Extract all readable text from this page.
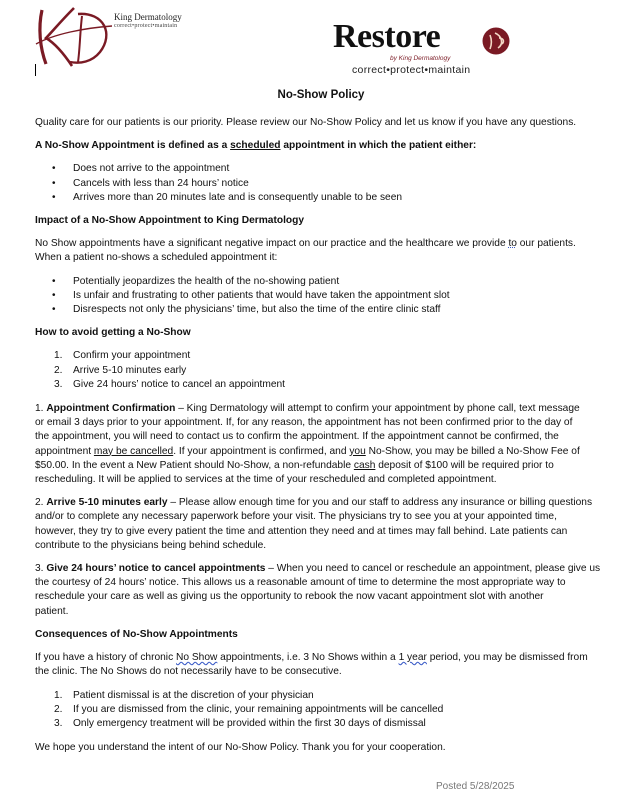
King Dermatology
correct•protect•maintain	Restore
by King Dermatology
correct•protect•maintain
No-Show Policy

Quality care for our patients is our priority. Please review our No-Show Policy and let us know if you have any questions.

A No-Show Appointment is defined as a scheduled appointment in which the patient either:

• Does not arrive to the appointment
• Cancels with less than 24 hours’ notice
• Arrives more than 20 minutes late and is consequently unable to be seen

Impact of a No-Show Appointment to King Dermatology

No Show appointments have a significant negative impact on our practice and the healthcare we provide to our patients.
When a patient no-shows a scheduled appointment it:

• Potentially jeopardizes the health of the no-showing patient
• Is unfair and frustrating to other patients that would have taken the appointment slot
• Disrespects not only the physicians’ time, but also the time of the entire clinic staff

How to avoid getting a No-Show

1. Confirm your appointment
2. Arrive 5-10 minutes early
3. Give 24 hours’ notice to cancel an appointment

1. Appointment Confirmation – King Dermatology will attempt to confirm your appointment by phone call, text message
or email 3 days prior to your appointment. If, for any reason, the appointment has not been confirmed prior to the day of
the appointment, you will need to contact us to confirm the appointment. If the appointment cannot be confirmed, the
appointment may be cancelled. If your appointment is confirmed, and you No-Show, you may be billed a No-Show Fee of
$50.00. In the event a New Patient should No-Show, a non-refundable cash deposit of $100 will be required prior to
rescheduling. It will be applied to services at the time of your rescheduled and completed appointment.

2. Arrive 5-10 minutes early – Please allow enough time for you and our staff to address any insurance or billing questions
and/or to complete any necessary paperwork before your visit. The physicians try to see you at your appointed time,
however, they try to give every patient the time and attention they need and at times may fall behind. Late patients can
contribute to the physicians being behind schedule.

3. Give 24 hours’ notice to cancel appointments – When you need to cancel or reschedule an appointment, please give us
the courtesy of 24 hours’ notice. This allows us a reasonable amount of time to determine the most appropriate way to
reschedule your care as well as giving us the opportunity to rebook the now vacant appointment slot with another
patient.

Consequences of No-Show Appointments

If you have a history of chronic No Show appointments, i.e. 3 No Shows within a 1 year period, you may be dismissed from
the clinic. The No Shows do not necessarily have to be consecutive.

1. Patient dismissal is at the discretion of your physician
2. If you are dismissed from the clinic, your remaining appointments will be cancelled
3. Only emergency treatment will be provided within the first 30 days of dismissal

We hope you understand the intent of our No-Show Policy. Thank you for your cooperation.

Posted 5/28/2025
